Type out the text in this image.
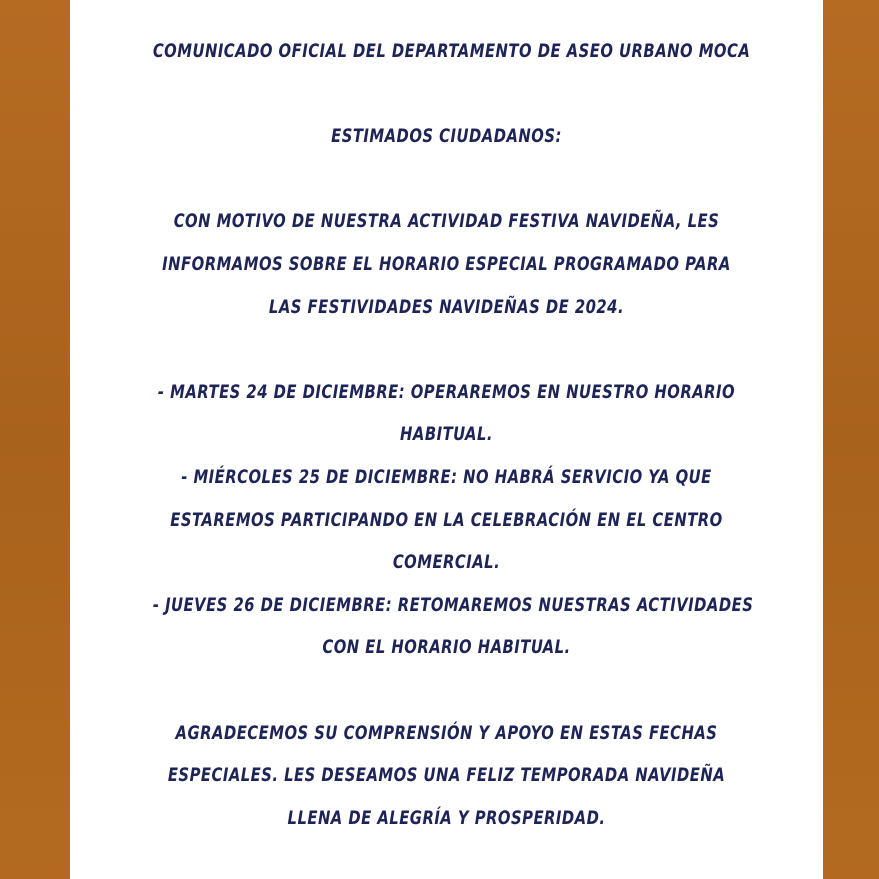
COMUNICADO OFICIAL DEL DEPARTAMENTO DE ASEO URBANO MOCA
ESTIMADOS CIUDADANOS:
CON MOTIVO DE NUESTRA ACTIVIDAD FESTIVA NAVIDEÑA, LES
INFORMAMOS SOBRE EL HORARIO ESPECIAL PROGRAMADO PARA
LAS FESTIVIDADES NAVIDEÑAS DE 2024.
- MARTES 24 DE DICIEMBRE: OPERAREMOS EN NUESTRO HORARIO
HABITUAL.
- MIÉRCOLES 25 DE DICIEMBRE: NO HABRÁ SERVICIO YA QUE
ESTAREMOS PARTICIPANDO EN LA CELEBRACIÓN EN EL CENTRO
COMERCIAL.
- JUEVES 26 DE DICIEMBRE: RETOMAREMOS NUESTRAS ACTIVIDADES
CON EL HORARIO HABITUAL.
AGRADECEMOS SU COMPRENSIÓN Y APOYO EN ESTAS FECHAS
ESPECIALES. LES DESEAMOS UNA FELIZ TEMPORADA NAVIDEÑA
LLENA DE ALEGRÍA Y PROSPERIDAD.
